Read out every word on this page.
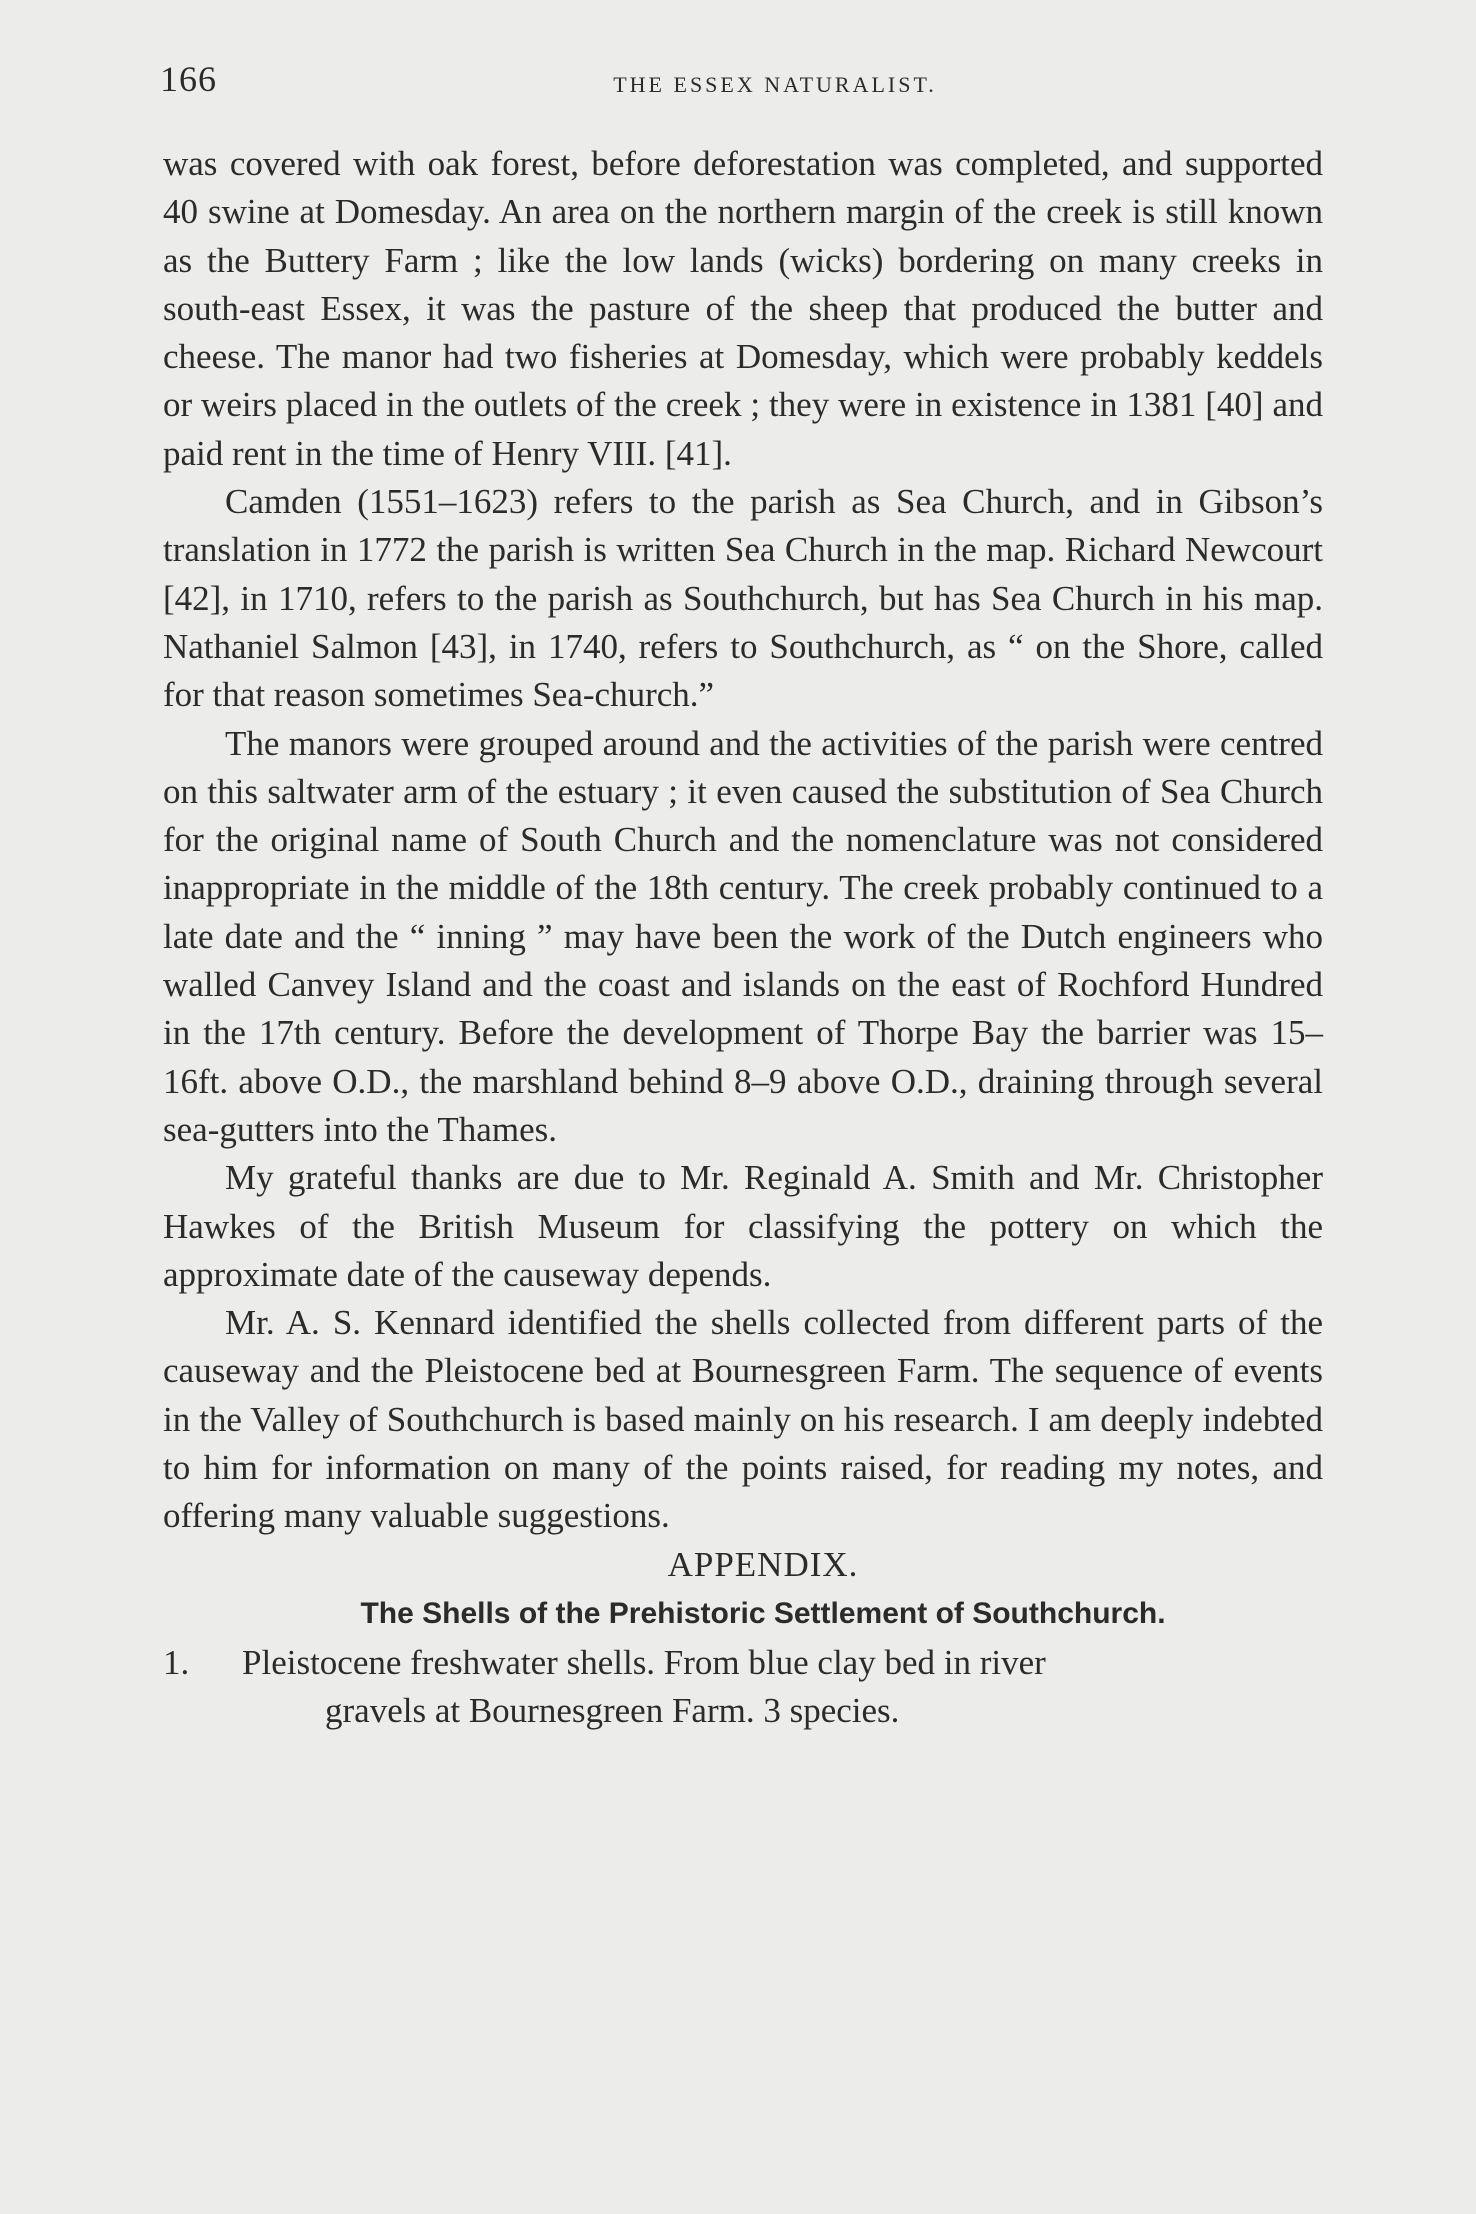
166	THE ESSEX NATURALIST.

was covered with oak forest, before deforestation was completed, and supported 40 swine at Domesday. An area on the northern margin of the creek is still known as the Buttery Farm ; like the low lands (wicks) bordering on many creeks in south-east Essex, it was the pasture of the sheep that produced the butter and cheese. The manor had two fisheries at Domesday, which were probably keddels or weirs placed in the outlets of the creek ; they were in existence in 1381 [40] and paid rent in the time of Henry VIII. [41].

Camden (1551–1623) refers to the parish as Sea Church, and in Gibson’s translation in 1772 the parish is written Sea Church in the map. Richard Newcourt [42], in 1710, refers to the parish as Southchurch, but has Sea Church in his map. Nathaniel Salmon [43], in 1740, refers to Southchurch, as “ on the Shore, called for that reason sometimes Sea-church.”

The manors were grouped around and the activities of the parish were centred on this saltwater arm of the estuary ; it even caused the substitution of Sea Church for the original name of South Church and the nomenclature was not considered inappropriate in the middle of the 18th century. The creek probably continued to a late date and the “ inning ” may have been the work of the Dutch engineers who walled Canvey Island and the coast and islands on the east of Rochford Hundred in the 17th century. Before the development of Thorpe Bay the barrier was 15–16ft. above O.D., the marshland behind 8–9 above O.D., draining through several sea-gutters into the Thames.

My grateful thanks are due to Mr. Reginald A. Smith and Mr. Christopher Hawkes of the British Museum for classifying the pottery on which the approximate date of the causeway depends.

Mr. A. S. Kennard identified the shells collected from different parts of the causeway and the Pleistocene bed at Bournesgreen Farm. The sequence of events in the Valley of Southchurch is based mainly on his research. I am deeply indebted to him for information on many of the points raised, for reading my notes, and offering many valuable suggestions.

APPENDIX.

The Shells of the Prehistoric Settlement of Southchurch.

1. Pleistocene freshwater shells. From blue clay bed in river
gravels at Bournesgreen Farm. 3 species.
